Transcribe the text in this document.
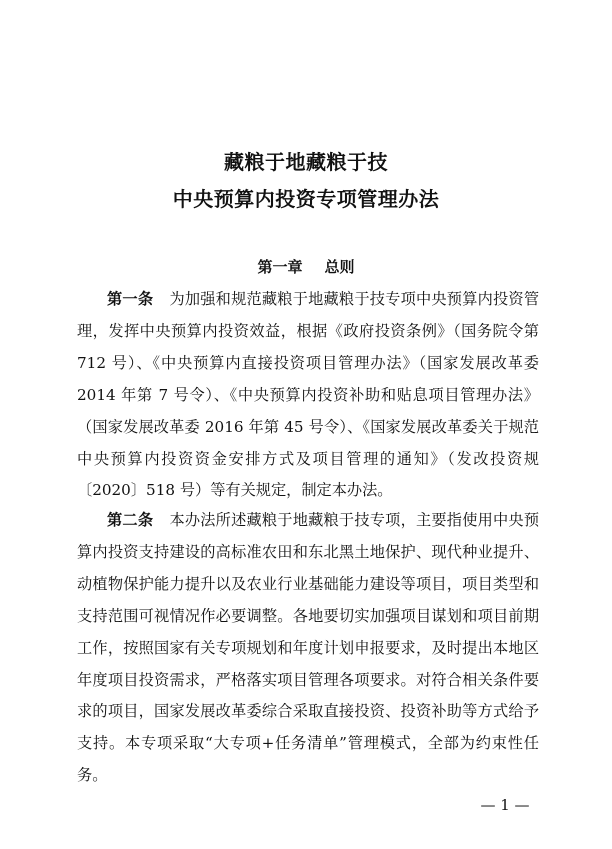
藏粮于地藏粮于技
中央预算内投资专项管理办法
第一章 总则
第一条 为加强和规范藏粮于地藏粮于技专项中央预算内投资管理，发挥中央预算内投资效益，根据《政府投资条例》（国务院令第 712 号）、《中央预算内直接投资项目管理办法》（国家发展改革委 2014 年第 7 号令）、《中央预算内投资补助和贴息项目管理办法》（国家发展改革委 2016 年第 45 号令）、《国家发展改革委关于规范中央预算内投资资金安排方式及项目管理的通知》（发改投资规〔2020〕518 号）等有关规定，制定本办法。
第二条 本办法所述藏粮于地藏粮于技专项，主要指使用中央预算内投资支持建设的高标准农田和东北黑土地保护、现代种业提升、动植物保护能力提升以及农业行业基础能力建设等项目，项目类型和支持范围可视情况作必要调整。各地要切实加强项目谋划和项目前期工作，按照国家有关专项规划和年度计划申报要求，及时提出本地区年度项目投资需求，严格落实项目管理各项要求。对符合相关条件要求的项目，国家发展改革委综合采取直接投资、投资补助等方式给予支持。本专项采取“大专项+任务清单”管理模式，全部为约束性任务。
— 1 —
